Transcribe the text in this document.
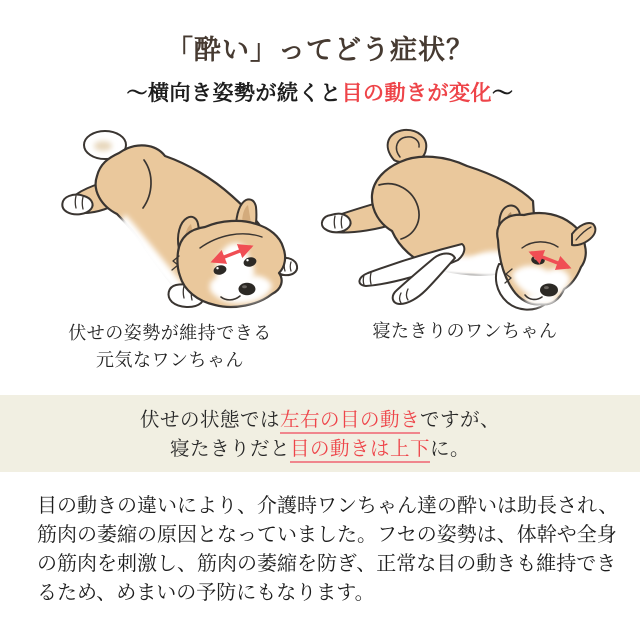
「酔い」ってどう症状？
～横向き姿勢が続くと目の動きが変化～
伏せの姿勢が維持できる
元気なワンちゃん
寝たきりのワンちゃん
伏せの状態では左右の目の動きですが、
寝たきりだと目の動きは上下に。
目の動きの違いにより、介護時ワンちゃん達の酔いは助長され、筋肉の萎縮の原因となっていました。フセの姿勢は、体幹や全身の筋肉を刺激し、筋肉の萎縮を防ぎ、正常な目の動きも維持できるため、めまいの予防にもなります。
